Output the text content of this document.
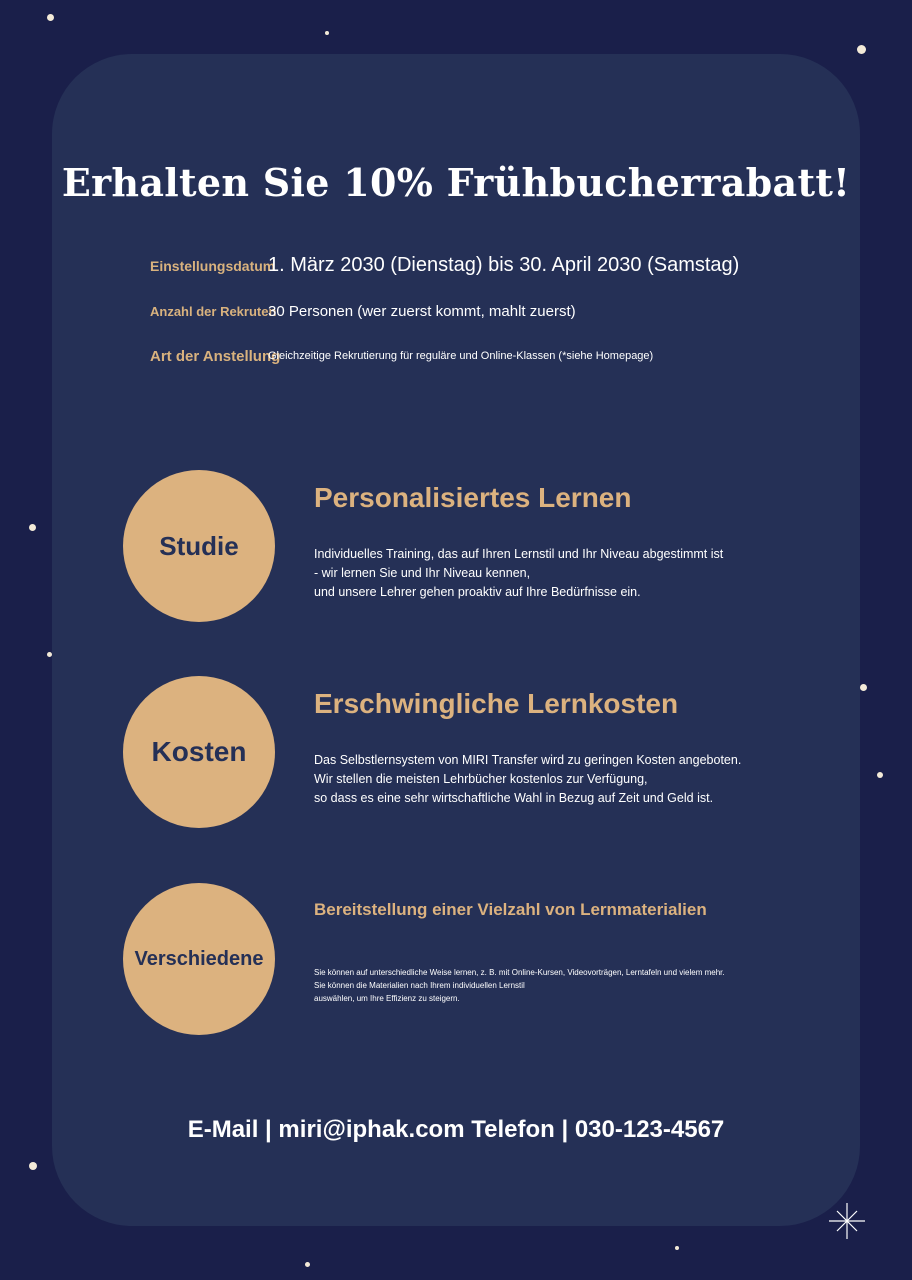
Erhalten Sie 10% Frühbucherrabatt!
Einstellungsdatum
1. März 2030 (Dienstag) bis 30. April 2030 (Samstag)
Anzahl der Rekruten
30 Personen (wer zuerst kommt, mahlt zuerst)
Art der Anstellung
Gleichzeitige Rekrutierung für reguläre und Online-Klassen (*siehe Homepage)
Studie
Personalisiertes Lernen
Individuelles Training, das auf Ihren Lernstil und Ihr Niveau abgestimmt ist
- wir lernen Sie und Ihr Niveau kennen,
und unsere Lehrer gehen proaktiv auf Ihre Bedürfnisse ein.
Kosten
Erschwingliche Lernkosten
Das Selbstlernsystem von MIRI Transfer wird zu geringen Kosten angeboten.
Wir stellen die meisten Lehrbücher kostenlos zur Verfügung,
so dass es eine sehr wirtschaftliche Wahl in Bezug auf Zeit und Geld ist.
Verschiedene
Bereitstellung einer Vielzahl von Lernmaterialien
Sie können auf unterschiedliche Weise lernen, z. B. mit Online-Kursen, Videovorträgen, Lerntafeln und vielem mehr.
Sie können die Materialien nach Ihrem individuellen Lernstil
auswählen, um Ihre Effizienz zu steigern.
E-Mail | miri@iphak.com Telefon | 030-123-4567
